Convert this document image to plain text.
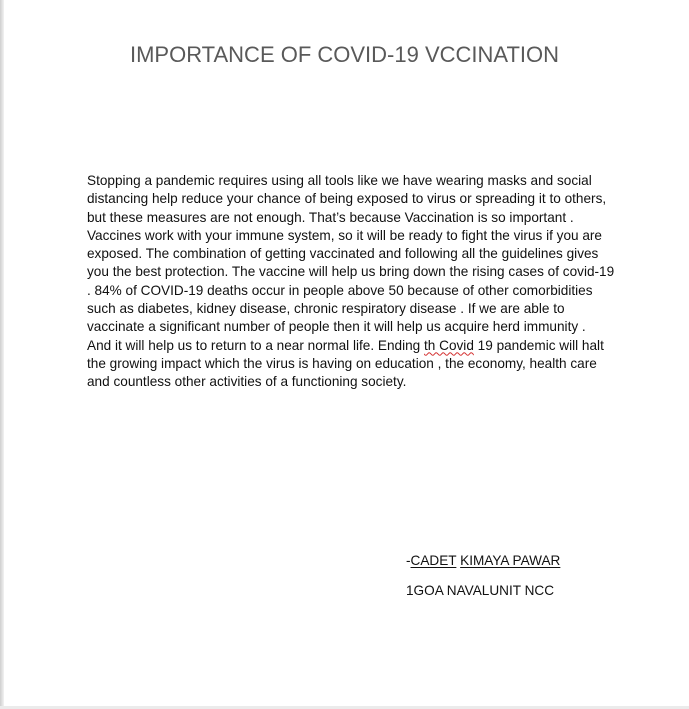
IMPORTANCE OF COVID-19 VCCINATION
Stopping a pandemic requires using all tools like we have wearing masks and social
distancing help reduce your chance of being exposed to virus or spreading it to others,
but these measures are not enough. That’s because Vaccination is so important .
Vaccines work with your immune system, so it will be ready to fight the virus if you are
exposed. The combination of getting vaccinated and following all the guidelines gives
you the best protection. The vaccine will help us bring down the rising cases of covid-19
. 84% of COVID-19 deaths occur in people above 50 because of other comorbidities
such as diabetes, kidney disease, chronic respiratory disease . If we are able to
vaccinate a significant number of people then it will help us acquire herd immunity .
And it will help us to return to a near normal life. Ending th Covid 19 pandemic will halt
the growing impact which the virus is having on education , the economy, health care
and countless other activities of a functioning society.
-CADET KIMAYA PAWAR
1GOA NAVALUNIT NCC
